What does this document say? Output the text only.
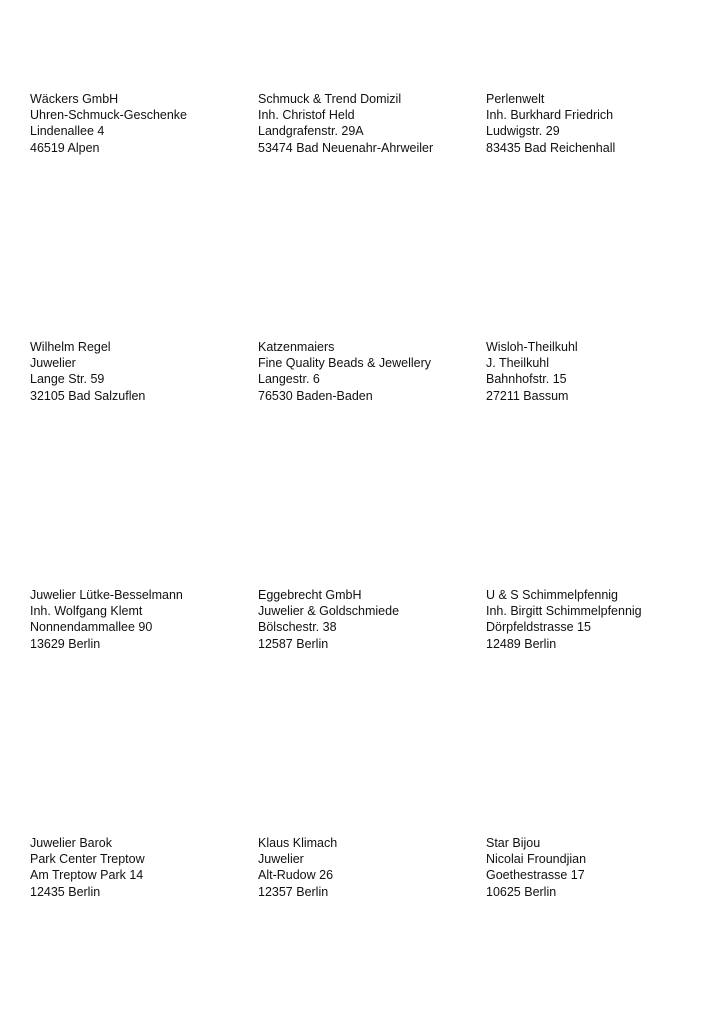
Wäckers GmbH
Uhren-Schmuck-Geschenke
Lindenallee 4
46519 Alpen
Schmuck & Trend Domizil
Inh. Christof Held
Landgrafenstr. 29A
53474 Bad Neuenahr-Ahrweiler
Perlenwelt
Inh. Burkhard Friedrich
Ludwigstr. 29
83435 Bad Reichenhall
Wilhelm Regel
Juwelier
Lange Str. 59
32105 Bad Salzuflen
Katzenmaiers
Fine Quality Beads & Jewellery
Langestr. 6
76530 Baden-Baden
Wisloh-Theilkuhl
J. Theilkuhl
Bahnhofstr. 15
27211 Bassum
Juwelier Lütke-Besselmann
Inh. Wolfgang Klemt
Nonnendammallee 90
13629 Berlin
Eggebrecht GmbH
Juwelier & Goldschmiede
Bölschestr. 38
12587 Berlin
U & S Schimmelpfennig
Inh. Birgitt Schimmelpfennig
Dörpfeldstrasse 15
12489 Berlin
Juwelier Barok
Park Center Treptow
Am Treptow Park 14
12435 Berlin
Klaus Klimach
Juwelier
Alt-Rudow 26
12357 Berlin
Star Bijou
Nicolai Froundjian
Goethestrasse 17
10625 Berlin
